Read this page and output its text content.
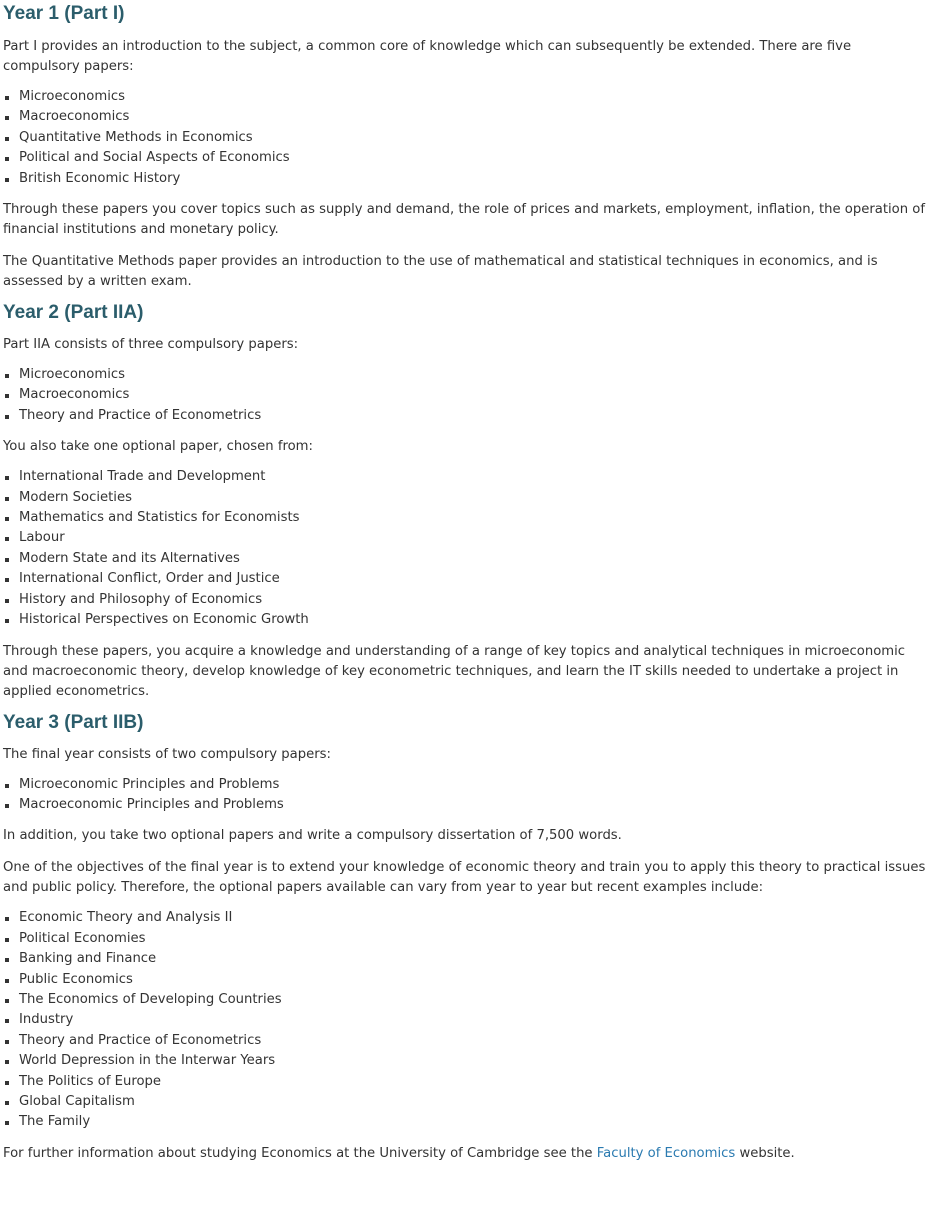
Year 1 (Part I)

Part I provides an introduction to the subject, a common core of knowledge which can subsequently be extended. There are five compulsory papers:

Microeconomics
Macroeconomics
Quantitative Methods in Economics
Political and Social Aspects of Economics
British Economic History

Through these papers you cover topics such as supply and demand, the role of prices and markets, employment, inflation, the operation of financial institutions and monetary policy.

The Quantitative Methods paper provides an introduction to the use of mathematical and statistical techniques in economics, and is assessed by a written exam.

Year 2 (Part IIA)

Part IIA consists of three compulsory papers:

Microeconomics
Macroeconomics
Theory and Practice of Econometrics

You also take one optional paper, chosen from:

International Trade and Development
Modern Societies
Mathematics and Statistics for Economists
Labour
Modern State and its Alternatives
International Conflict, Order and Justice
History and Philosophy of Economics
Historical Perspectives on Economic Growth

Through these papers, you acquire a knowledge and understanding of a range of key topics and analytical techniques in microeconomic and macroeconomic theory, develop knowledge of key econometric techniques, and learn the IT skills needed to undertake a project in applied econometrics.

Year 3 (Part IIB)

The final year consists of two compulsory papers:

Microeconomic Principles and Problems
Macroeconomic Principles and Problems

In addition, you take two optional papers and write a compulsory dissertation of 7,500 words.

One of the objectives of the final year is to extend your knowledge of economic theory and train you to apply this theory to practical issues and public policy. Therefore, the optional papers available can vary from year to year but recent examples include:

Economic Theory and Analysis II
Political Economies
Banking and Finance
Public Economics
The Economics of Developing Countries
Industry
Theory and Practice of Econometrics
World Depression in the Interwar Years
The Politics of Europe
Global Capitalism
The Family

For further information about studying Economics at the University of Cambridge see the Faculty of Economics website.
